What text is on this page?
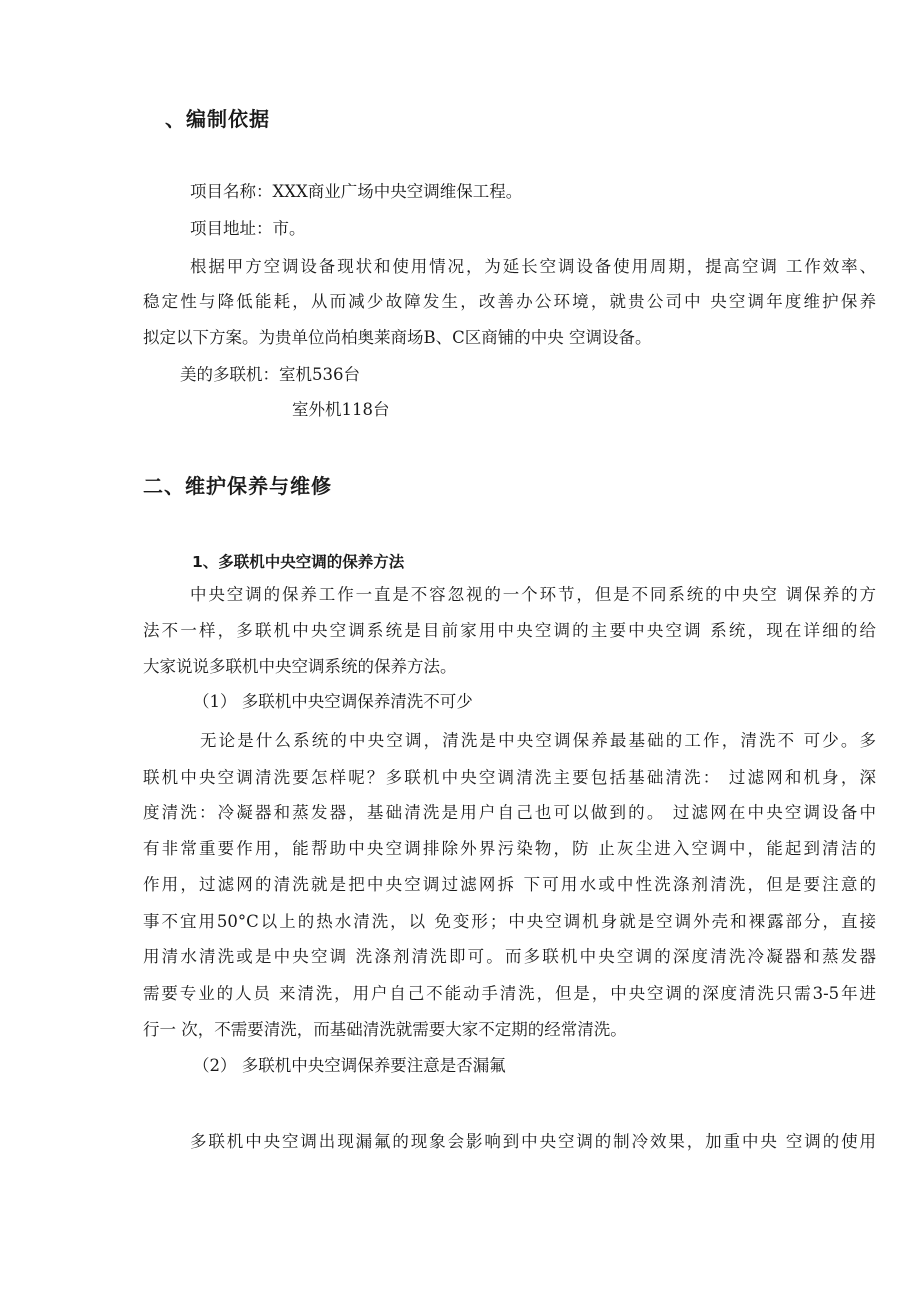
、编制依据
项目名称：XXX商业广场中央空调维保工程。
项目地址：市。
根据甲方空调设备现状和使用情况，为延长空调设备使用周期，提高空调 工作效率、
稳定性与降低能耗，从而减少故障发生，改善办公环境，就贵公司中 央空调年度维护保养
拟定以下方案。为贵单位尚柏奥莱商场B、C区商铺的中央 空调设备。
美的多联机：室机536台
室外机118台
二、维护保养与维修
1、多联机中央空调的保养方法
中央空调的保养工作一直是不容忽视的一个环节，但是不同系统的中央空 调保养的方
法不一样，多联机中央空调系统是目前家用中央空调的主要中央空调 系统，现在详细的给
大家说说多联机中央空调系统的保养方法。
（1） 多联机中央空调保养清洗不可少
无论是什么系统的中央空调，清洗是中央空调保养最基础的工作，清洗不 可少。多
联机中央空调清洗要怎样呢？多联机中央空调清洗主要包括基础清洗： 过滤网和机身，深
度清洗：冷凝器和蒸发器，基础清洗是用户自己也可以做到的。 过滤网在中央空调设备中
有非常重要作用，能帮助中央空调排除外界污染物，防 止灰尘进入空调中，能起到清洁的
作用，过滤网的清洗就是把中央空调过滤网拆 下可用水或中性洗涤剂清洗，但是要注意的
事不宜用50°C以上的热水清洗，以 免变形；中央空调机身就是空调外壳和裸露部分，直接
用清水清洗或是中央空调 洗涤剂清洗即可。而多联机中央空调的深度清洗冷凝器和蒸发器
需要专业的人员 来清洗，用户自己不能动手清洗，但是，中央空调的深度清洗只需3-5年进
行一 次，不需要清洗，而基础清洗就需要大家不定期的经常清洗。
（2） 多联机中央空调保养要注意是否漏氟
多联机中央空调出现漏氟的现象会影响到中央空调的制冷效果，加重中央 空调的使用
